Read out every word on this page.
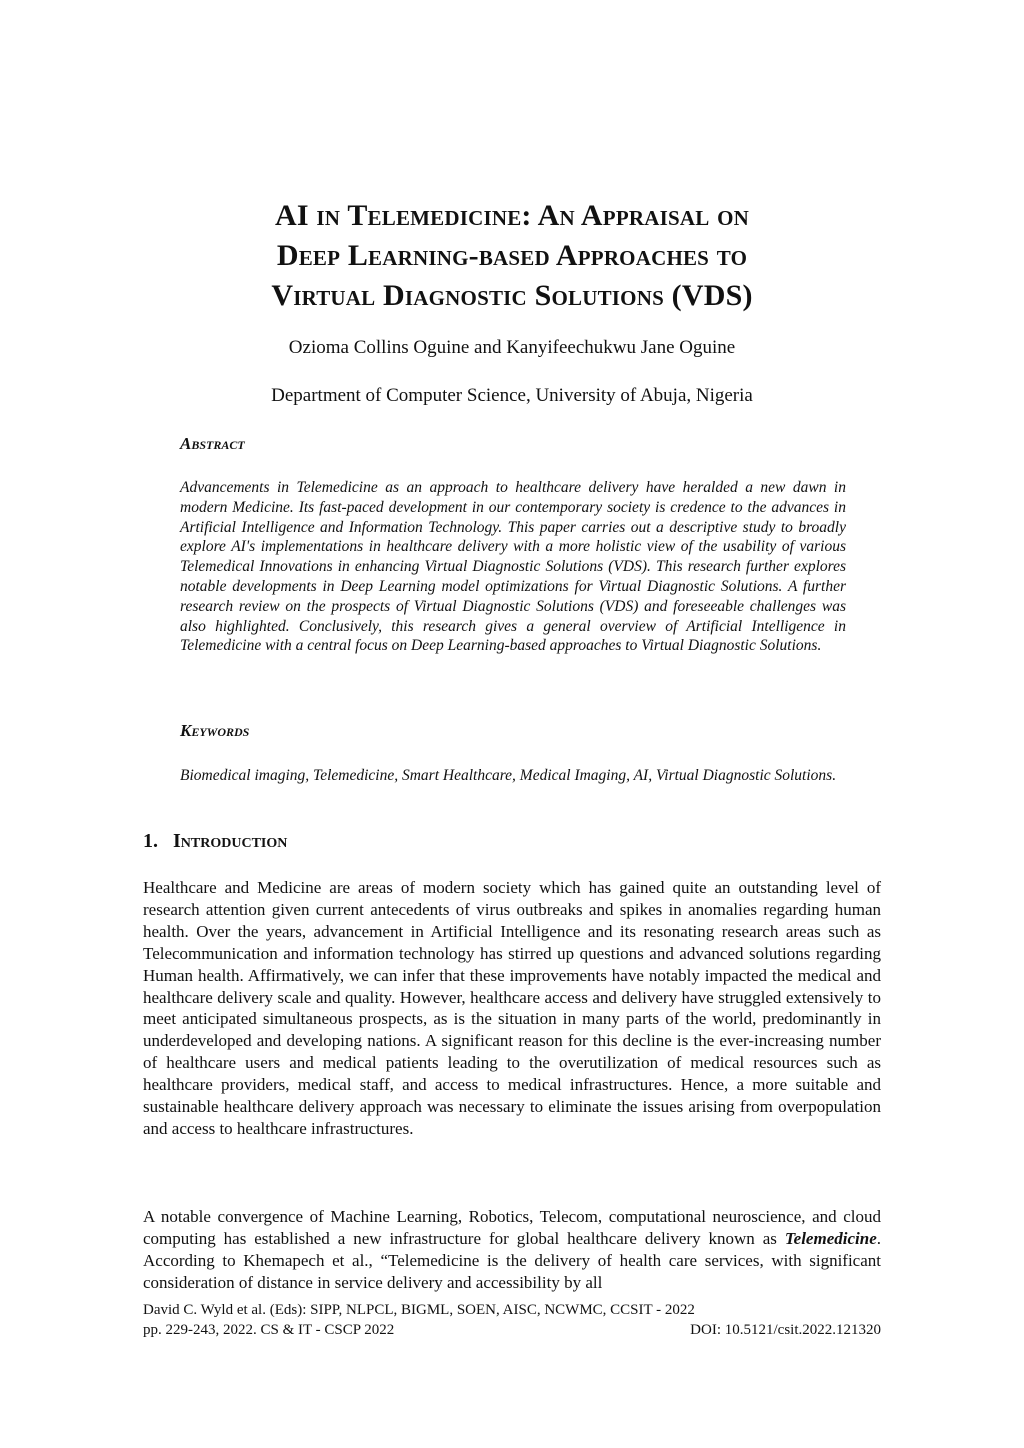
AI in Telemedicine: An Appraisal on
Deep Learning-based Approaches to
Virtual Diagnostic Solutions (VDS)
Ozioma Collins Oguine and Kanyifeechukwu Jane Oguine
Department of Computer Science, University of Abuja, Nigeria
Abstract

Advancements in Telemedicine as an approach to healthcare delivery have heralded a new dawn in modern Medicine. Its fast-paced development in our contemporary society is credence to the advances in Artificial Intelligence and Information Technology. This paper carries out a descriptive study to broadly explore AI's implementations in healthcare delivery with a more holistic view of the usability of various Telemedical Innovations in enhancing Virtual Diagnostic Solutions (VDS). This research further explores notable developments in Deep Learning model optimizations for Virtual Diagnostic Solutions. A further research review on the prospects of Virtual Diagnostic Solutions (VDS) and foreseeable challenges was also highlighted. Conclusively, this research gives a general overview of Artificial Intelligence in Telemedicine with a central focus on Deep Learning-based approaches to Virtual Diagnostic Solutions.

Keywords

Biomedical imaging, Telemedicine, Smart Healthcare, Medical Imaging, AI, Virtual Diagnostic Solutions.

1. Introduction

Healthcare and Medicine are areas of modern society which has gained quite an outstanding level of research attention given current antecedents of virus outbreaks and spikes in anomalies regarding human health. Over the years, advancement in Artificial Intelligence and its resonating research areas such as Telecommunication and information technology has stirred up questions and advanced solutions regarding Human health. Affirmatively, we can infer that these improvements have notably impacted the medical and healthcare delivery scale and quality. However, healthcare access and delivery have struggled extensively to meet anticipated simultaneous prospects, as is the situation in many parts of the world, predominantly in underdeveloped and developing nations. A significant reason for this decline is the ever-increasing number of healthcare users and medical patients leading to the overutilization of medical resources such as healthcare providers, medical staff, and access to medical infrastructures. Hence, a more suitable and sustainable healthcare delivery approach was necessary to eliminate the issues arising from overpopulation and access to healthcare infrastructures.

A notable convergence of Machine Learning, Robotics, Telecom, computational neuroscience, and cloud computing has established a new infrastructure for global healthcare delivery known as Telemedicine. According to Khemapech et al., “Telemedicine is the delivery of health care services, with significant consideration of distance in service delivery and accessibility by all

David C. Wyld et al. (Eds): SIPP, NLPCL, BIGML, SOEN, AISC, NCWMC, CCSIT - 2022
pp. 229-243, 2022. CS & IT - CSCP 2022	DOI: 10.5121/csit.2022.121320
